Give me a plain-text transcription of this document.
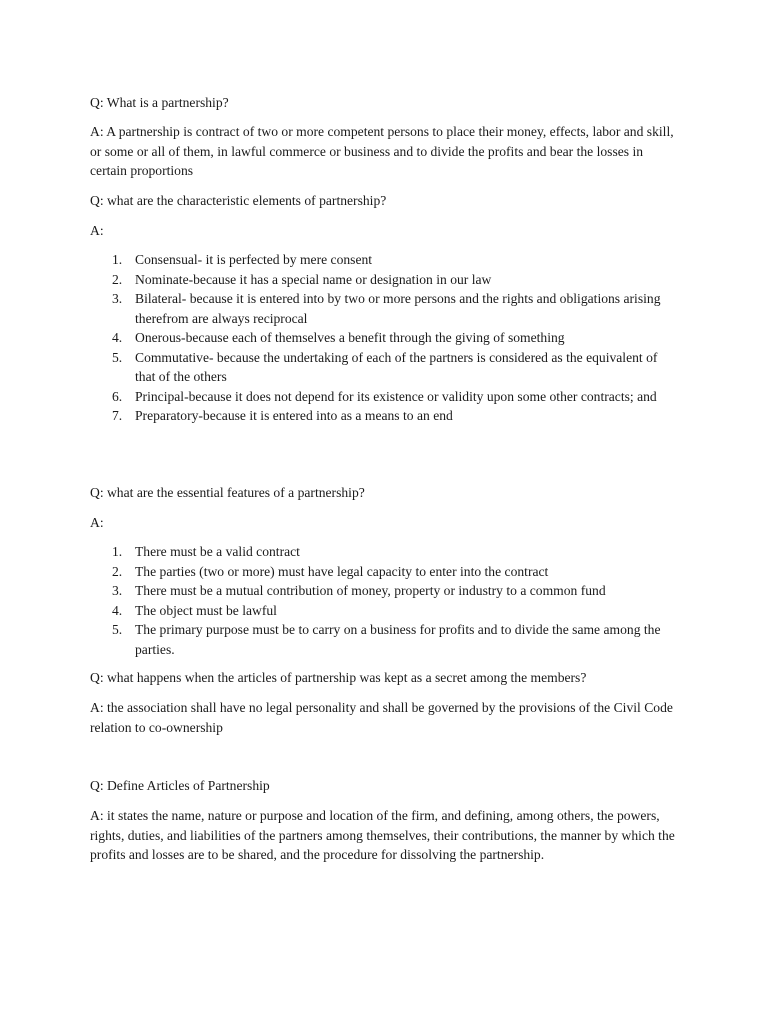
Q: What is a partnership?

A: A partnership is contract of two or more competent persons to place their money, effects, labor and skill, or some or all of them, in lawful commerce or business and to divide the profits and bear the losses in certain proportions

Q: what are the characteristic elements of partnership?

A:

1. Consensual- it is perfected by mere consent
2. Nominate-because it has a special name or designation in our law
3. Bilateral- because it is entered into by two or more persons and the rights and obligations arising therefrom are always reciprocal
4. Onerous-because each of themselves a benefit through the giving of something
5. Commutative- because the undertaking of each of the partners is considered as the equivalent of that of the others
6. Principal-because it does not depend for its existence or validity upon some other contracts; and
7. Preparatory-because it is entered into as a means to an end

Q: what are the essential features of a partnership?

A:

1. There must be a valid contract
2. The parties (two or more) must have legal capacity to enter into the contract
3. There must be a mutual contribution of money, property or industry to a common fund
4. The object must be lawful
5. The primary purpose must be to carry on a business for profits and to divide the same among the parties.

Q: what happens when the articles of partnership was kept as a secret among the members?

A: the association shall have no legal personality and shall be governed by the provisions of the Civil Code relation to co-ownership

Q: Define Articles of Partnership

A: it states the name, nature or purpose and location of the firm, and defining, among others, the powers, rights, duties, and liabilities of the partners among themselves, their contributions, the manner by which the profits and losses are to be shared, and the procedure for dissolving the partnership.
